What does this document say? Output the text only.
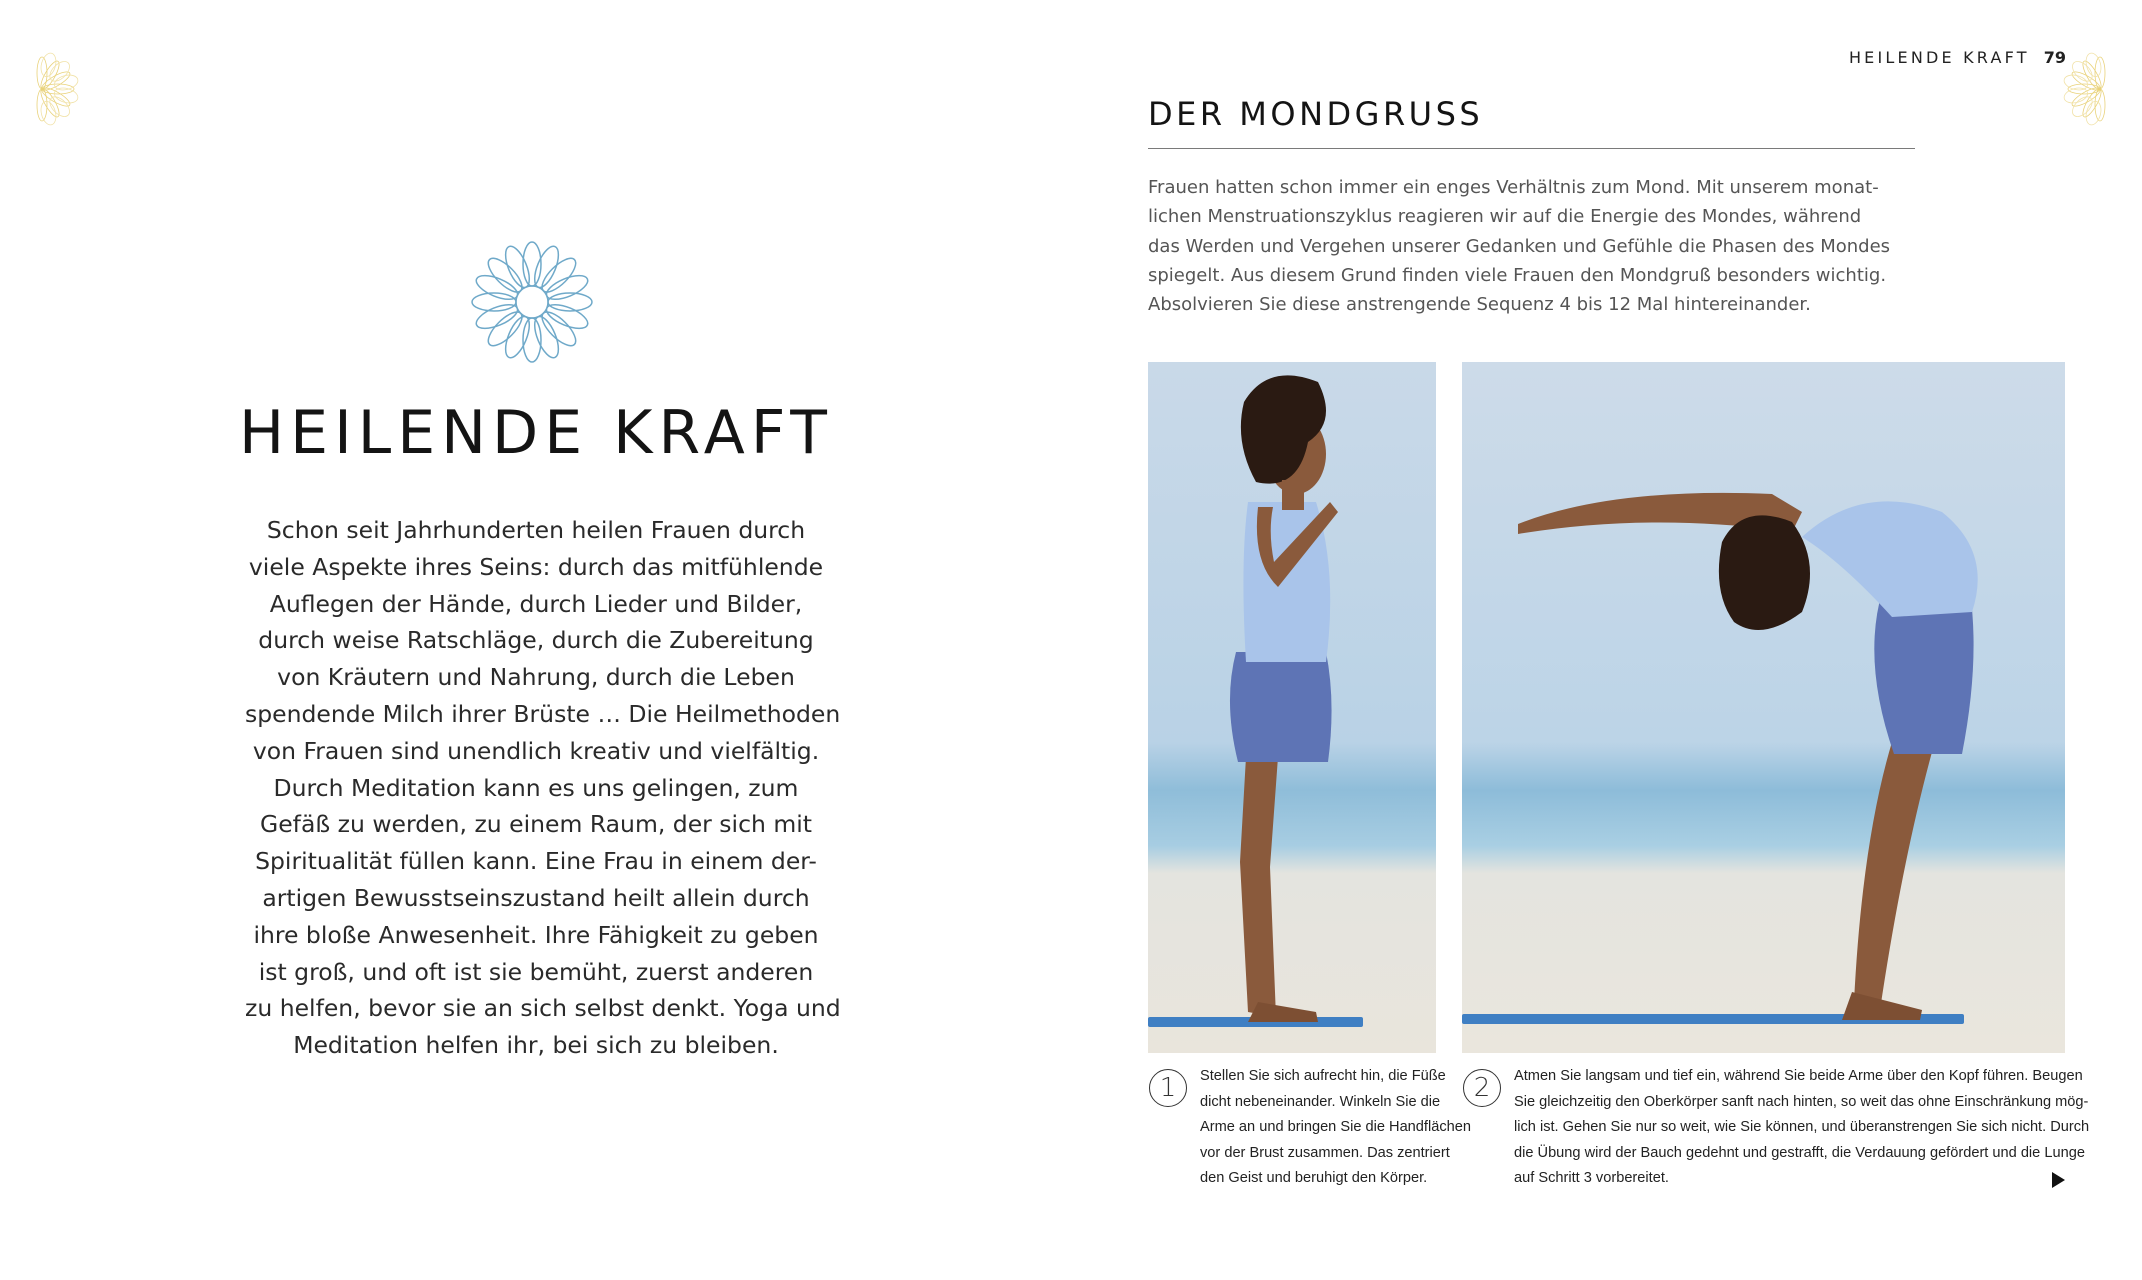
HEILENDE KRAFT
Schon seit Jahrhunderten heilen Frauen durch
viele Aspekte ihres Seins: durch das mitfühlende
Auflegen der Hände, durch Lieder und Bilder,
durch weise Ratschläge, durch die Zubereitung
von Kräutern und Nahrung, durch die Leben
spendende Milch ihrer Brüste … Die Heilmethoden
von Frauen sind unendlich kreativ und vielfältig.
Durch Meditation kann es uns gelingen, zum
Gefäß zu werden, zu einem Raum, der sich mit
Spiritualität füllen kann. Eine Frau in einem der-
artigen Bewusstseinszustand heilt allein durch
ihre bloße Anwesenheit. Ihre Fähigkeit zu geben
ist groß, und oft ist sie bemüht, zuerst anderen
zu helfen, bevor sie an sich selbst denkt. Yoga und
Meditation helfen ihr, bei sich zu bleiben.
HEILENDE KRAFT 79
DER MONDGRUSS
Frauen hatten schon immer ein enges Verhältnis zum Mond. Mit unserem monat-
lichen Menstruationszyklus reagieren wir auf die Energie des Mondes, während
das Werden und Vergehen unserer Gedanken und Gefühle die Phasen des Mondes
spiegelt. Aus diesem Grund finden viele Frauen den Mondgruß besonders wichtig.
Absolvieren Sie diese anstrengende Sequenz 4 bis 12 Mal hintereinander.
1	Stellen Sie sich aufrecht hin, die Füße
dicht nebeneinander. Winkeln Sie die
Arme an und bringen Sie die Handflächen
vor der Brust zusammen. Das zentriert
den Geist und beruhigt den Körper.
2	Atmen Sie langsam und tief ein, während Sie beide Arme über den Kopf führen. Beugen
Sie gleichzeitig den Oberkörper sanft nach hinten, so weit das ohne Einschränkung mög-
lich ist. Gehen Sie nur so weit, wie Sie können, und überanstrengen Sie sich nicht. Durch
die Übung wird der Bauch gedehnt und gestrafft, die Verdauung gefördert und die Lunge
auf Schritt 3 vorbereitet.
